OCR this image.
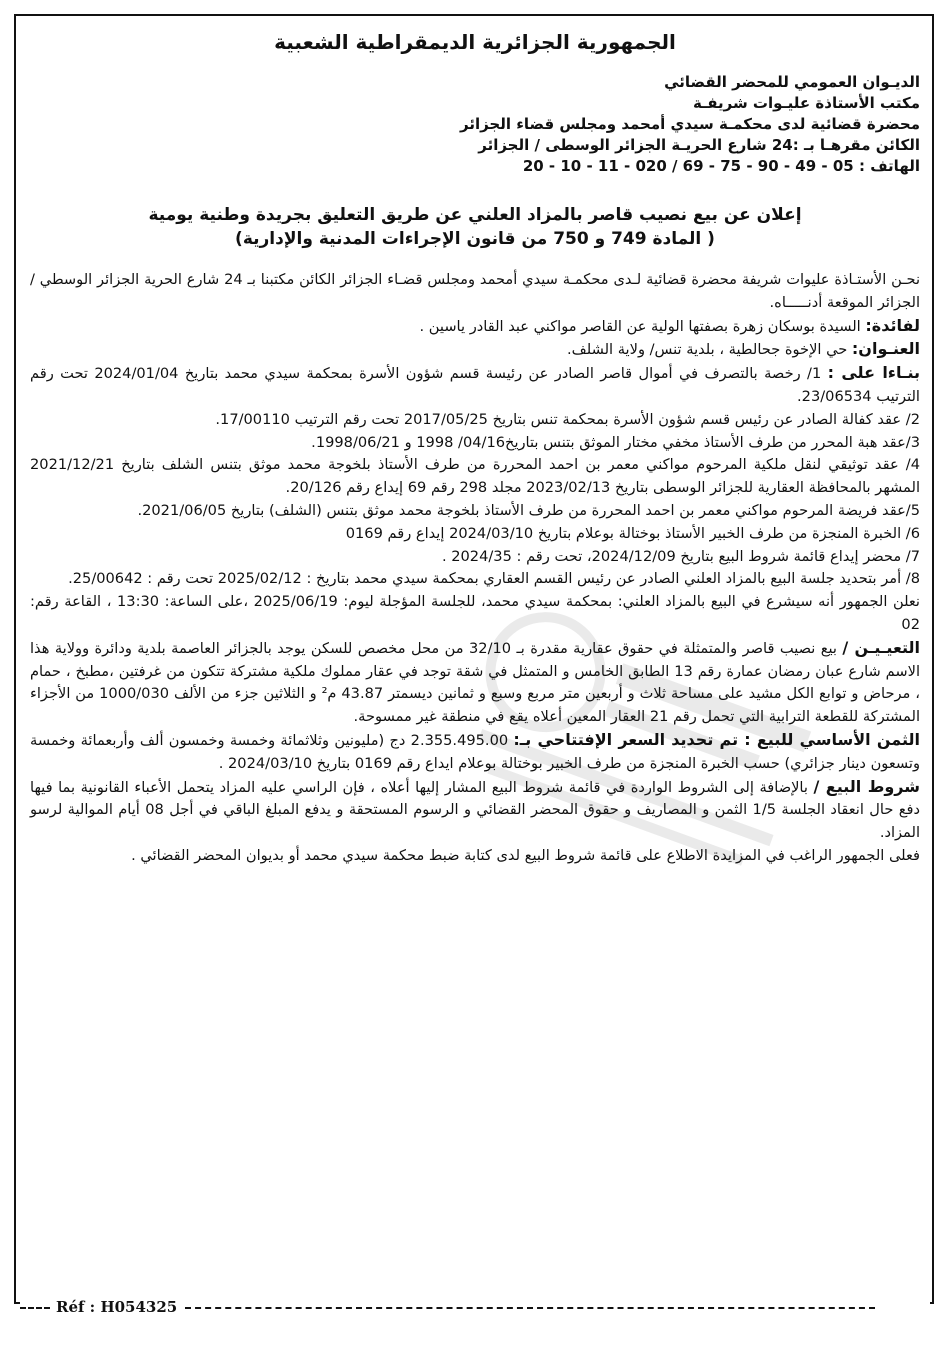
الجمهورية الجزائرية الديمقراطية الشعبية

الديـوان العمومي للمحضر القضائي

مكتب الأستاذة عليـوات شريفـة

محضرة قضائية لدى محكمـة سيدي أمحمد ومجلس قضاء الجزائر

الكائن مقرهـا بـ :24 شارع الحريـة الجزائر الوسطى / الجزائر

الهاتف : 20 - 10 - 11 - 020 / 69 - 75 - 90 - 49 - 05

إعلان عن بيع نصيب قاصر بالمزاد العلني عن طريق التعليق بجريدة وطنية يومية
( المادة 749 و 750 من قانون الإجراءات المدنية والإدارية)

نحـن الأستـاذة عليوات شريفة محضرة قضائية لـدى محكمـة سيدي أمحمد ومجلس قضـاء الجزائر الكائن مكتبنا بـ 24 شارع الحرية الجزائر الوسطي / الجزائر الموقعة أدنـــــاه.

لفائدة: السيدة بوسكان زهرة بصفتها الولية عن القاصر مواكني عبد القادر ياسين .

العنـوان: حي الإخوة جحالطية ، بلدية تنس/ ولاية الشلف.

بنـاءا على : 1/ رخصة بالتصرف في أموال قاصر الصادر عن رئيسة قسم شؤون الأسرة بمحكمة سيدي محمد بتاريخ 2024/01/04 تحت رقم الترتيب 23/06534.

2/ عقد كفالة الصادر عن رئيس قسم شؤون الأسرة بمحكمة تنس بتاريخ 2017/05/25 تحت رقم الترتيب 17/00110.

3/عقد هبة المحرر من طرف الأستاذ مخفي مختار الموثق بتنس بتاريخ04/16/ 1998 و 1998/06/21.

4/ عقد توثيقي لنقل ملكية المرحوم مواكني معمر بن احمد المحررة من طرف الأستاذ بلخوجة محمد موثق بتنس الشلف بتاريخ 2021/12/21 المشهر بالمحافظة العقارية للجزائر الوسطى بتاريخ 2023/02/13 مجلد 298 رقم 69 إيداع رقم 20/126.

5/عقد فريضة المرحوم مواكني معمر بن احمد المحررة من طرف الأستاذ بلخوجة محمد موثق بتنس (الشلف) بتاريخ 2021/06/05.

6/ الخبرة المنجزة من طرف الخبير الأستاذ بوختالة بوعلام بتاريخ 2024/03/10 إيداع رقم 0169

7/ محضر إيداع قائمة شروط البيع بتاريخ 2024/12/09، تحت رقم : 2024/35 .

8/ أمر بتحديد جلسة البيع بالمزاد العلني الصادر عن رئيس القسم العقاري بمحكمة سيدي محمد بتاريخ : 2025/02/12 تحت رقم : 25/00642.

نعلن الجمهور أنه سيشرع في البيع بالمزاد العلني: بمحكمة سيدي محمد، للجلسة المؤجلة ليوم: 2025/06/19 ،على الساعة: 13:30 ، القاعة رقم: 02

التعيـيـن / بيع نصيب قاصر والمتمثلة في حقوق عقارية مقدرة بـ 32/10 من محل مخصص للسكن يوجد بالجزائر العاصمة بلدية ودائرة وولاية هذا الاسم شارع عبان رمضان عمارة رقم 13 الطابق الخامس و المتمثل في شقة توجد في عقار مملوك ملكية مشتركة تتكون من غرفتين ،مطبخ ، حمام ، مرحاض و توابع الكل مشيد على مساحة ثلاث و أربعين متر مربع وسبع و ثمانين ديسمتر 43.87 م² و الثلاثين جزء من الألف 1000/030 من الأجزاء المشتركة للقطعة الترابية التي تحمل رقم 21 العقار المعين أعلاه يقع في منطقة غير ممسوحة.

الثمن الأساسي للبيع : تم تحديد السعر الإفتتاحي بـ: 2.355.495.00 دج (مليونين وثلاثمائة وخمسة وخمسون ألف وأربعمائة وخمسة وتسعون دينار جزائري) حسب الخبرة المنجزة من طرف الخبير بوختالة بوعلام ايداع رقم 0169 بتاريخ 2024/03/10 .

شروط البيع / بالإضافة إلى الشروط الواردة في قائمة شروط البيع المشار إليها أعلاه ، فإن الراسي عليه المزاد يتحمل الأعباء القانونية بما فيها دفع حال انعقاد الجلسة 1/5 الثمن و المصاريف و حقوق المحضر القضائي و الرسوم المستحقة و يدفع المبلغ الباقي في أجل 08 أيام الموالية لرسو المزاد.

فعلى الجمهور الراغب في المزايدة الاطلاع على قائمة شروط البيع لدى كتابة ضبط محكمة سيدي محمد أو بديوان المحضر القضائي .

Réf : H054325
